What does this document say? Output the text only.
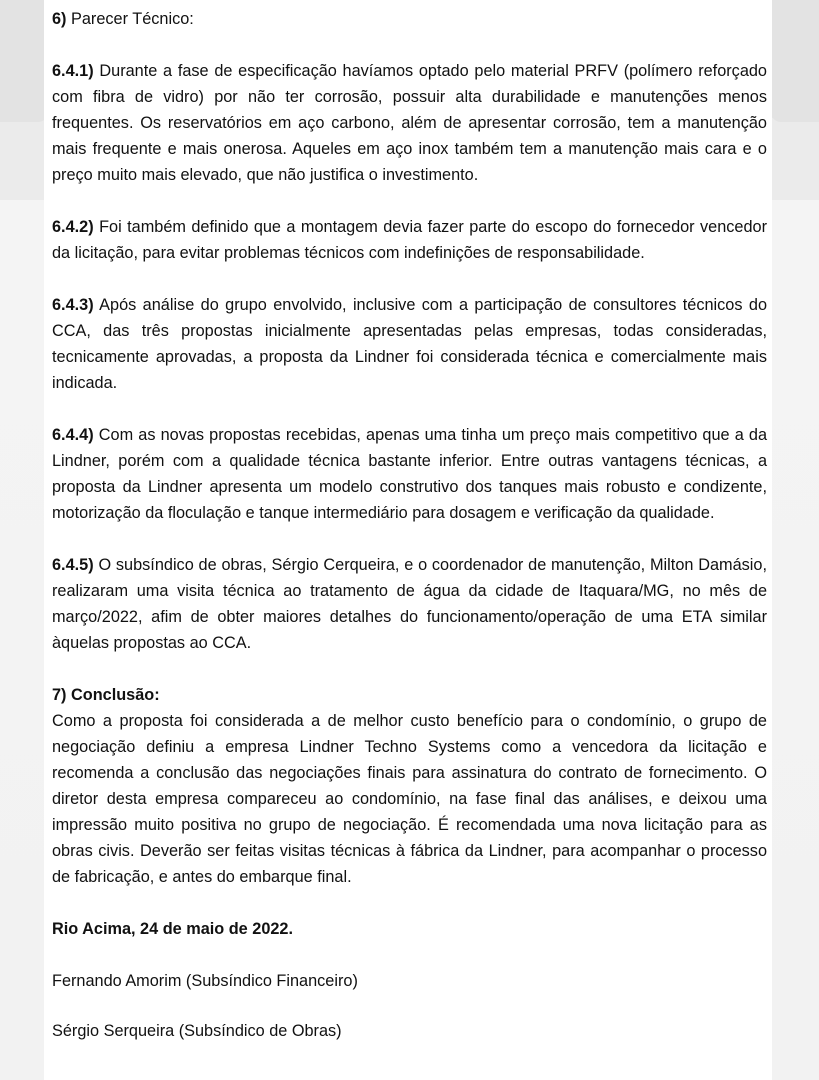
6) Parecer Técnico:

6.4.1) Durante a fase de especificação havíamos optado pelo material PRFV (polímero reforçado com fibra de vidro) por não ter corrosão, possuir alta durabilidade e manutenções menos frequentes. Os reservatórios em aço carbono, além de apresentar corrosão, tem a manutenção mais frequente e mais onerosa. Aqueles em aço inox também tem a manutenção mais cara e o preço muito mais elevado, que não justifica o investimento.

6.4.2) Foi também definido que a montagem devia fazer parte do escopo do fornecedor vencedor da licitação, para evitar problemas técnicos com indefinições de responsabilidade.

6.4.3) Após análise do grupo envolvido, inclusive com a participação de consultores técnicos do CCA, das três propostas inicialmente apresentadas pelas empresas, todas consideradas, tecnicamente aprovadas, a proposta da Lindner foi considerada técnica e comercialmente mais indicada.

6.4.4) Com as novas propostas recebidas, apenas uma tinha um preço mais competitivo que a da Lindner, porém com a qualidade técnica bastante inferior. Entre outras vantagens técnicas, a proposta da Lindner apresenta um modelo construtivo dos tanques mais robusto e condizente, motorização da floculação e tanque intermediário para dosagem e verificação da qualidade.

6.4.5) O subsíndico de obras, Sérgio Cerqueira, e o coordenador de manutenção, Milton Damásio, realizaram uma visita técnica ao tratamento de água da cidade de Itaquara/MG, no mês de março/2022, afim de obter maiores detalhes do funcionamento/operação de uma ETA similar àquelas propostas ao CCA.

7) Conclusão:

Como a proposta foi considerada a de melhor custo benefício para o condomínio, o grupo de negociação definiu a empresa Lindner Techno Systems como a vencedora da licitação e recomenda a conclusão das negociações finais para assinatura do contrato de fornecimento. O diretor desta empresa compareceu ao condomínio, na fase final das análises, e deixou uma impressão muito positiva no grupo de negociação. É recomendada uma nova licitação para as obras civis. Deverão ser feitas visitas técnicas à fábrica da Lindner, para acompanhar o processo de fabricação, e antes do embarque final.

Rio Acima, 24 de maio de 2022.

Fernando Amorim (Subsíndico Financeiro)

Sérgio Serqueira (Subsíndico de Obras)
